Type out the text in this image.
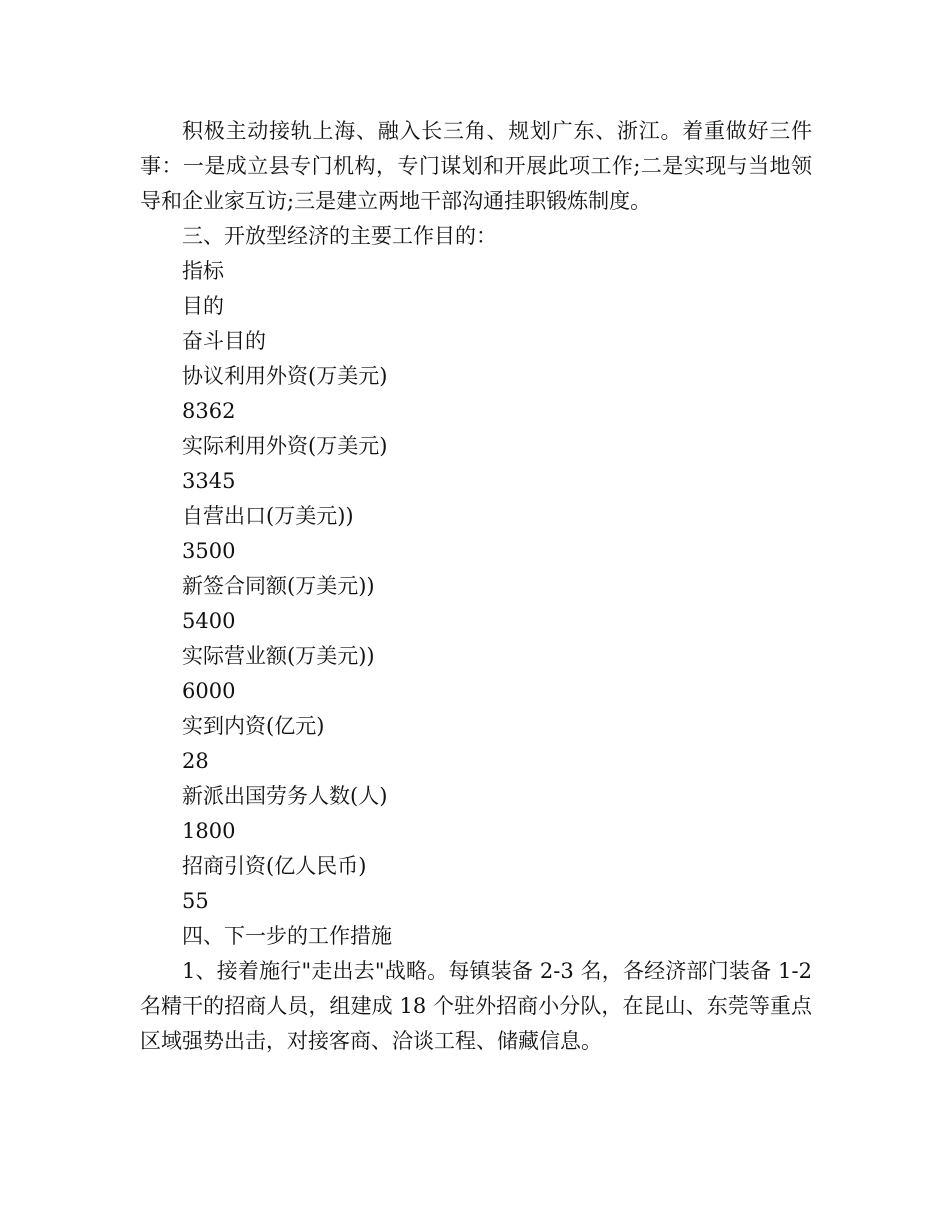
积极主动接轨上海、融入长三角、规划广东、浙江。着重做好三件事：一是成立县专门机构，专门谋划和开展此项工作;二是实现与当地领导和企业家互访;三是建立两地干部沟通挂职锻炼制度。

三、开放型经济的主要工作目的：

指标

目的

奋斗目的

协议利用外资(万美元)

8362

实际利用外资(万美元)

3345

自营出口(万美元))

3500

新签合同额(万美元))

5400

实际营业额(万美元))

6000

实到内资(亿元)

28

新派出国劳务人数(人)

1800

招商引资(亿人民币)

55

四、下一步的工作措施

1、接着施行"走出去"战略。每镇装备 2-3 名，各经济部门装备 1-2 名精干的招商人员，组建成 18 个驻外招商小分队，在昆山、东莞等重点区域强势出击，对接客商、洽谈工程、储藏信息。
